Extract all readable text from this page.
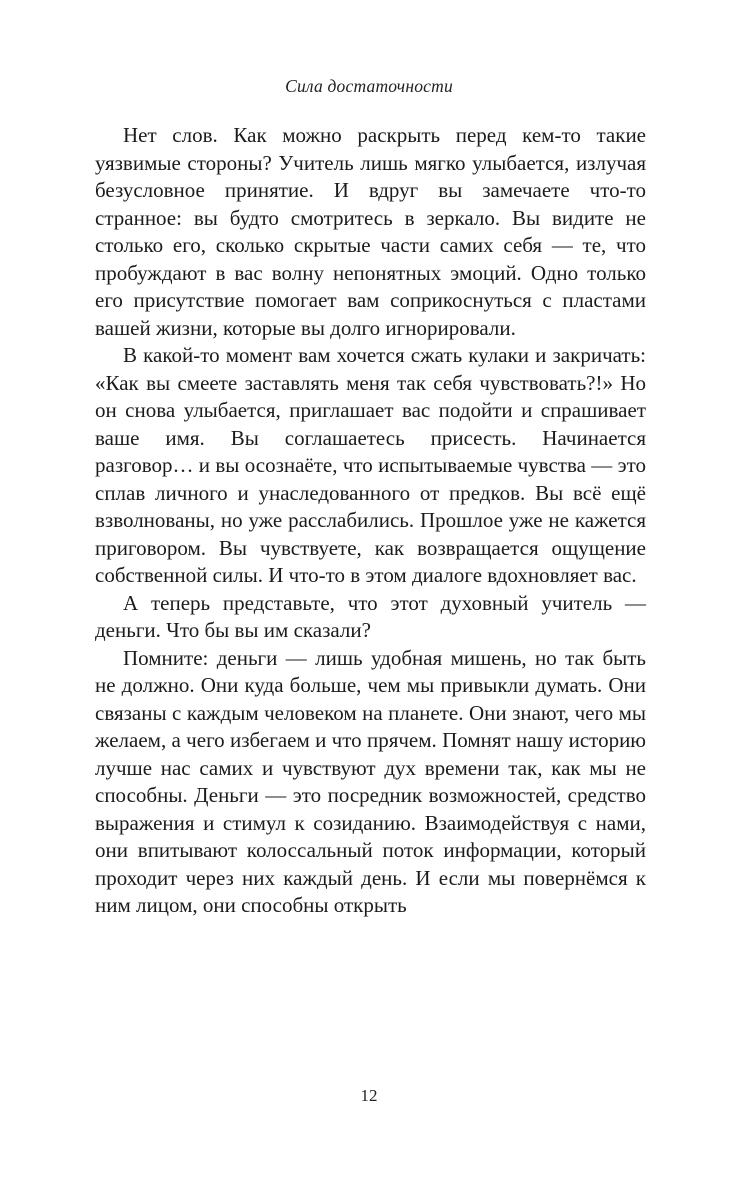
Сила достаточности

Нет слов. Как можно раскрыть перед кем-то такие уязвимые стороны? Учитель лишь мягко улыбается, излучая безусловное принятие. И вдруг вы замечаете что-то странное: вы будто смотритесь в зеркало. Вы видите не столько его, сколько скрытые части самих себя — те, что пробуждают в вас волну непонятных эмоций. Одно только его присутствие помогает вам соприкоснуться с пластами вашей жизни, которые вы долго игнорировали.

В какой-то момент вам хочется сжать кулаки и закричать: «Как вы смеете заставлять меня так себя чувствовать?!» Но он снова улыбается, приглашает вас подойти и спрашивает ваше имя. Вы соглашаетесь присесть. Начинается разговор… и вы осознаёте, что испытываемые чувства — это сплав личного и унаследованного от предков. Вы всё ещё взволнованы, но уже расслабились. Прошлое уже не кажется приговором. Вы чувствуете, как возвращается ощущение собственной силы. И что-то в этом диалоге вдохновляет вас.

А теперь представьте, что этот духовный учитель — деньги. Что бы вы им сказали?

Помните: деньги — лишь удобная мишень, но так быть не должно. Они куда больше, чем мы привыкли думать. Они связаны с каждым человеком на планете. Они знают, чего мы желаем, а чего избегаем и что прячем. Помнят нашу историю лучше нас самих и чувствуют дух времени так, как мы не способны. Деньги — это посредник возможностей, средство выражения и стимул к созиданию. Взаимодействуя с нами, они впитывают колоссальный поток информации, который проходит через них каждый день. И если мы повернёмся к ним лицом, они способны открыть

12
